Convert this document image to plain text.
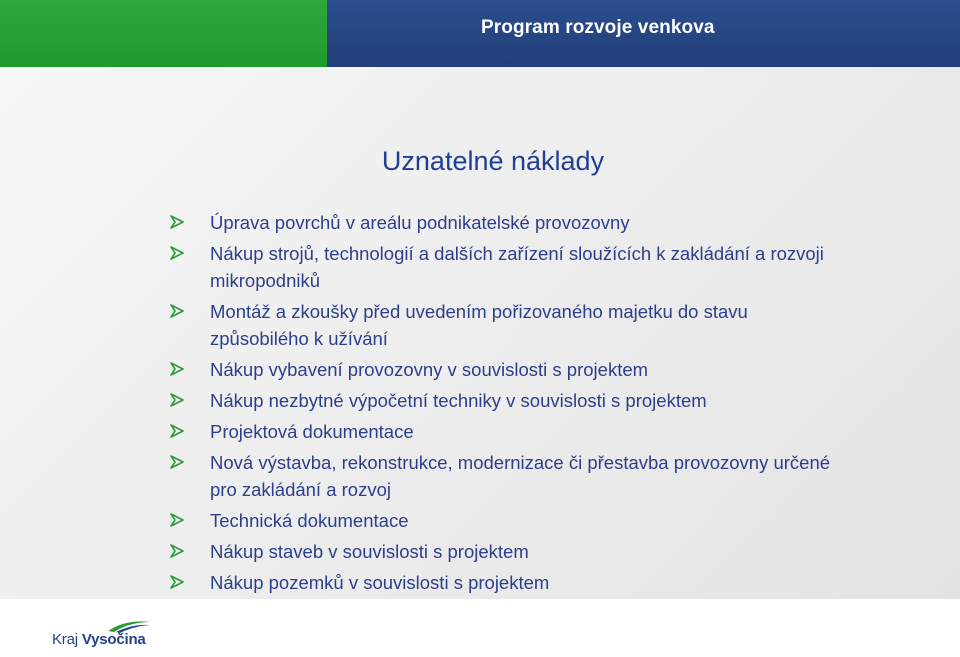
Program rozvoje venkova
Uznatelné náklady
Úprava povrchů v areálu podnikatelské provozovny
Nákup strojů, technologií a dalších zařízení sloužících k zakládání a rozvoji mikropodniků
Montáž a zkoušky před uvedením pořizovaného majetku do stavu způsobilého k užívání
Nákup vybavení provozovny v souvislosti s projektem
Nákup nezbytné výpočetní techniky v souvislosti s projektem
Projektová dokumentace
Nová výstavba, rekonstrukce, modernizace či přestavba provozovny určené pro zakládání a rozvoj
Technická dokumentace
Nákup staveb v souvislosti s projektem
Nákup pozemků v souvislosti s projektem
Kraj Vysočina
